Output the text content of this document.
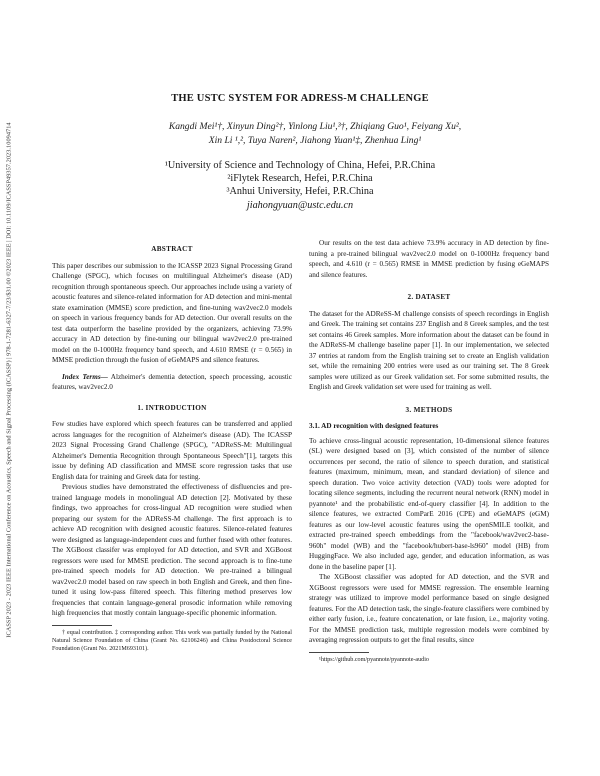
ICASSP 2023 - 2023 IEEE International Conference on Acoustics, Speech and Signal Processing (ICASSP) | 978-1-7281-6327-7/23/$31.00 ©2023 IEEE | DOI: 10.1109/ICASSP49357.2023.10094714
THE USTC SYSTEM FOR ADRESS-M CHALLENGE
Kangdi Mei¹†, Xinyun Ding²†, Yinlong Liu¹,³†, Zhiqiang Guo¹, Feiyang Xu²,
Xin Li ¹,², Tuya Naren², Jiahong Yuan¹‡, Zhenhua Ling¹
¹University of Science and Technology of China, Hefei, P.R.China
²iFlytek Research, Hefei, P.R.China
³Anhui University, Hefei, P.R.China
jiahongyuan@ustc.edu.cn
ABSTRACT

This paper describes our submission to the ICASSP 2023 Signal Processing Grand Challenge (SPGC), which focuses on multilingual Alzheimer's disease (AD) recognition through spontaneous speech. Our approaches include using a variety of acoustic features and silence-related information for AD detection and mini-mental state examination (MMSE) score prediction, and fine-tuning wav2vec2.0 models on speech in various frequency bands for AD detection. Our overall results on the test data outperform the baseline provided by the organizers, achieving 73.9% accuracy in AD detection by fine-tuning our bilingual wav2vec2.0 pre-trained model on the 0-1000Hz frequency band speech, and 4.610 RMSE (r = 0.565) in MMSE prediction through the fusion of eGeMAPS and silence features.

Index Terms— Alzheimer's dementia detection, speech processing, acoustic features, wav2vec2.0

1. INTRODUCTION

Few studies have explored which speech features can be transferred and applied across languages for the recognition of Alzheimer's disease (AD). The ICASSP 2023 Signal Processing Grand Challenge (SPGC), "ADReSS-M: Multilingual Alzheimer's Dementia Recognition through Spontaneous Speech"[1], targets this issue by defining AD classification and MMSE score regression tasks that use English data for training and Greek data for testing.

Previous studies have demonstrated the effectiveness of disfluencies and pre-trained language models in monolingual AD detection [2]. Motivated by these findings, two approaches for cross-lingual AD recognition were studied when preparing our system for the ADReSS-M challenge. The first approach is to achieve AD recognition with designed acoustic features. Silence-related features were designed as language-independent cues and further fused with other features. The XGBoost classifer was employed for AD detection, and SVR and XGBoost regressors were used for MMSE prediction. The second approach is to fine-tune pre-trained speech models for AD detection. We pre-trained a bilingual wav2vec2.0 model based on raw speech in both English and Greek, and then fine-tuned it using low-pass filtered speech. This filtering method preserves low frequencies that contain language-general prosodic information while removing high frequencies that mostly contain language-specific phonemic information.

† equal contribution. ‡ corresponding author. This work was partially funded by the National Natural Science Foundation of China (Grant No. 62106246) and China Postdoctoral Science Foundation (Grant No. 2021M693101).

Our results on the test data achieve 73.9% accuracy in AD detection by fine-tuning a pre-trained bilingual wav2vec2.0 model on 0-1000Hz frequency band speech, and 4.610 (r = 0.565) RMSE in MMSE prediction by fusing eGeMAPS and silence features.

2. DATASET

The dataset for the ADReSS-M challenge consists of speech recordings in English and Greek. The training set contains 237 English and 8 Greek samples, and the test set contains 46 Greek samples. More information about the dataset can be found in the ADReSS-M challenge baseline paper [1]. In our implementation, we selected 37 entries at random from the English training set to create an English validation set, while the remaining 200 entries were used as our training set. The 8 Greek samples were utilized as our Greek validation set. For some submitted results, the English and Greek validation set were used for training as well.

3. METHODS
3.1. AD recognition with designed features

To achieve cross-lingual acoustic representation, 10-dimensional silence features (SL) were designed based on [3], which consisted of the number of silence occurrences per second, the ratio of silence to speech duration, and statistical features (maximum, minimum, mean, and standard deviation) of silence and speech duration. Two voice activity detection (VAD) tools were adopted for locating silence segments, including the recurrent neural network (RNN) model in pyannote¹ and the probabilistic end-of-query classifier [4]. In addition to the silence features, we extracted ComParE 2016 (CPE) and eGeMAPS (eGM) features as our low-level acoustic features using the openSMILE toolkit, and extracted pre-trained speech embeddings from the "facebook/wav2vec2-base-960h" model (WB) and the "facebook/hubert-base-ls960" model (HB) from HuggingFace. We also included age, gender, and education information, as was done in the baseline paper [1].

The XGBoost classifier was adopted for AD detection, and the SVR and XGBoost regressors were used for MMSE regression. The ensemble learning strategy was utilized to improve model performance based on single designed features. For the AD detection task, the single-feature classifiers were combined by either early fusion, i.e., feature concatenation, or late fusion, i.e., majority voting. For the MMSE prediction task, multiple regression models were combined by averaging regression outputs to get the final results, since

¹https://github.com/pyannote/pyannote-audio
